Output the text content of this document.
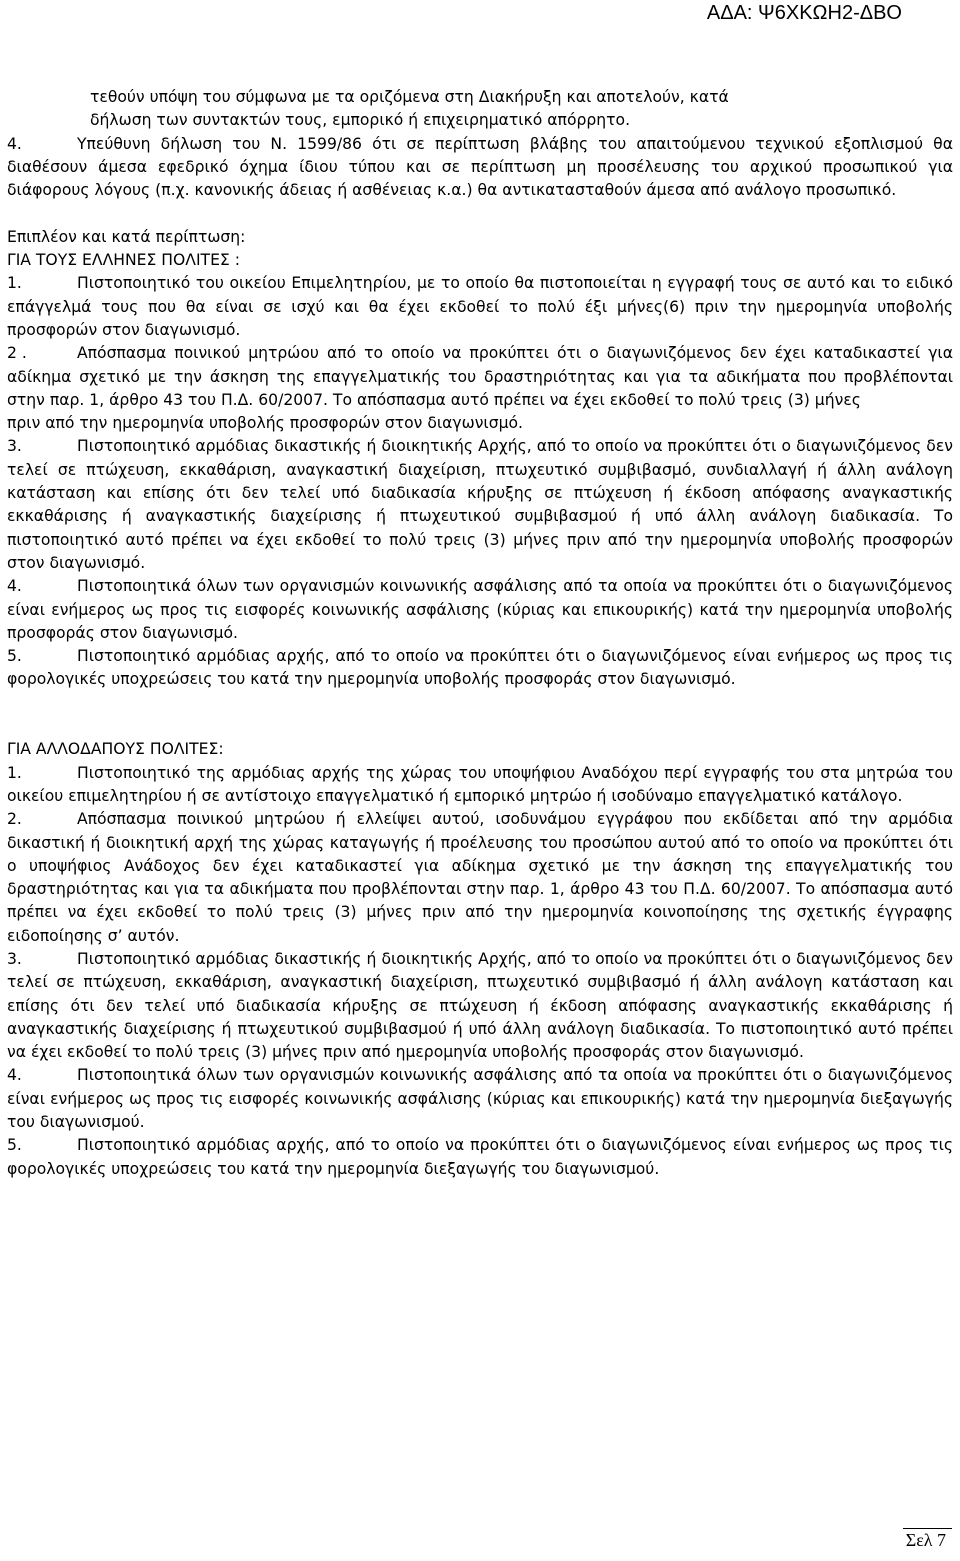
ΑΔΑ: Ψ6ΧΚΩΗ2-ΔΒΟ

τεθούν υπόψη του σύμφωνα με τα οριζόμενα στη Διακήρυξη και αποτελούν, κατά

δήλωση των συντακτών τους, εμπορικό ή επιχειρηματικό απόρρητο.

4.	Υπεύθυνη δήλωση του Ν. 1599/86 ότι σε περίπτωση βλάβης του απαιτούμενου τεχνικού εξοπλισμού θα διαθέσουν άμεσα εφεδρικό όχημα ίδιου τύπου και σε περίπτωση μη προσέλευσης του αρχικού προσωπικού για διάφορους λόγους (π.χ. κανονικής άδειας ή ασθένειας κ.α.) θα αντικατασταθούν άμεσα από ανάλογο προσωπικό.

Επιπλέον και κατά περίπτωση:

ΓΙΑ ΤΟΥΣ ΕΛΛΗΝΕΣ ΠΟΛΙΤΕΣ :

1.	Πιστοποιητικό του οικείου Επιμελητηρίου, με το οποίο θα πιστοποιείται η εγγραφή τους σε αυτό και το ειδικό επάγγελμά τους που θα είναι σε ισχύ και θα έχει εκδοθεί το πολύ έξι μήνες(6) πριν την ημερομηνία υποβολής προσφορών στον διαγωνισμό.

2 .	Απόσπασμα ποινικού μητρώου από το οποίο να προκύπτει ότι ο διαγωνιζόμενος δεν έχει καταδικαστεί για αδίκημα σχετικό με την άσκηση της επαγγελματικής του δραστηριότητας και για τα αδικήματα που προβλέπονται στην παρ. 1, άρθρο 43 του Π.Δ. 60/2007. Το απόσπασμα αυτό πρέπει να έχει εκδοθεί το πολύ τρεις (3) μήνες

πριν από την ημερομηνία υποβολής προσφορών στον διαγωνισμό.

3.	Πιστοποιητικό αρμόδιας δικαστικής ή διοικητικής Αρχής, από το οποίο να προκύπτει ότι ο διαγωνιζόμενος δεν τελεί σε πτώχευση, εκκαθάριση, αναγκαστική διαχείριση, πτωχευτικό συμβιβασμό, συνδιαλλαγή ή άλλη ανάλογη κατάσταση και επίσης ότι δεν τελεί υπό διαδικασία κήρυξης σε πτώχευση ή έκδοση απόφασης αναγκαστικής εκκαθάρισης ή αναγκαστικής διαχείρισης ή πτωχευτικού συμβιβασμού ή υπό άλλη ανάλογη διαδικασία. Το πιστοποιητικό αυτό πρέπει να έχει εκδοθεί το πολύ τρεις (3) μήνες πριν από την ημερομηνία υποβολής προσφορών στον διαγωνισμό.

4.	Πιστοποιητικά όλων των οργανισμών κοινωνικής ασφάλισης από τα οποία να προκύπτει ότι ο διαγωνιζόμενος είναι ενήμερος ως προς τις εισφορές κοινωνικής ασφάλισης (κύριας και επικουρικής) κατά την ημερομηνία υποβολής προσφοράς στον διαγωνισμό.

5.	Πιστοποιητικό αρμόδιας αρχής, από το οποίο να προκύπτει ότι ο διαγωνιζόμενος είναι ενήμερος ως προς τις φορολογικές υποχρεώσεις του κατά την ημερομηνία υποβολής προσφοράς στον διαγωνισμό.

ΓΙΑ ΑΛΛΟΔΑΠΟΥΣ ΠΟΛΙΤΕΣ:

1.	Πιστοποιητικό της αρμόδιας αρχής της χώρας του υποψήφιου Αναδόχου περί εγγραφής του στα μητρώα του οικείου επιμελητηρίου ή σε αντίστοιχο επαγγελματικό ή εμπορικό μητρώο ή ισοδύναμο επαγγελματικό κατάλογο.

2.	Απόσπασμα ποινικού μητρώου ή ελλείψει αυτού, ισοδυνάμου εγγράφου που εκδίδεται από την αρμόδια δικαστική ή διοικητική αρχή της χώρας καταγωγής ή προέλευσης του προσώπου αυτού από το οποίο να προκύπτει ότι ο υποψήφιος Ανάδοχος δεν έχει καταδικαστεί για αδίκημα σχετικό με την άσκηση της επαγγελματικής του δραστηριότητας και για τα αδικήματα που προβλέπονται στην παρ. 1, άρθρο 43 του Π.Δ. 60/2007. Το απόσπασμα αυτό πρέπει να έχει εκδοθεί το πολύ τρεις (3) μήνες πριν από την ημερομηνία κοινοποίησης της σχετικής έγγραφης ειδοποίησης σ’ αυτόν.

3.	Πιστοποιητικό αρμόδιας δικαστικής ή διοικητικής Αρχής, από το οποίο να προκύπτει ότι ο διαγωνιζόμενος δεν τελεί σε πτώχευση, εκκαθάριση, αναγκαστική διαχείριση, πτωχευτικό συμβιβασμό ή άλλη ανάλογη κατάσταση και επίσης ότι δεν τελεί υπό διαδικασία κήρυξης σε πτώχευση ή έκδοση απόφασης αναγκαστικής εκκαθάρισης ή αναγκαστικής διαχείρισης ή πτωχευτικού συμβιβασμού ή υπό άλλη ανάλογη διαδικασία. Το πιστοποιητικό αυτό πρέπει να έχει εκδοθεί το πολύ τρεις (3) μήνες πριν από ημερομηνία υποβολής προσφοράς στον διαγωνισμό.

4.	Πιστοποιητικά όλων των οργανισμών κοινωνικής ασφάλισης από τα οποία να προκύπτει ότι ο διαγωνιζόμενος είναι ενήμερος ως προς τις εισφορές κοινωνικής ασφάλισης (κύριας και επικουρικής) κατά την ημερομηνία διεξαγωγής του διαγωνισμού.

5.	Πιστοποιητικό αρμόδιας αρχής, από το οποίο να προκύπτει ότι ο διαγωνιζόμενος είναι ενήμερος ως προς τις φορολογικές υποχρεώσεις του κατά την ημερομηνία διεξαγωγής του διαγωνισμού.

Σελ 7
